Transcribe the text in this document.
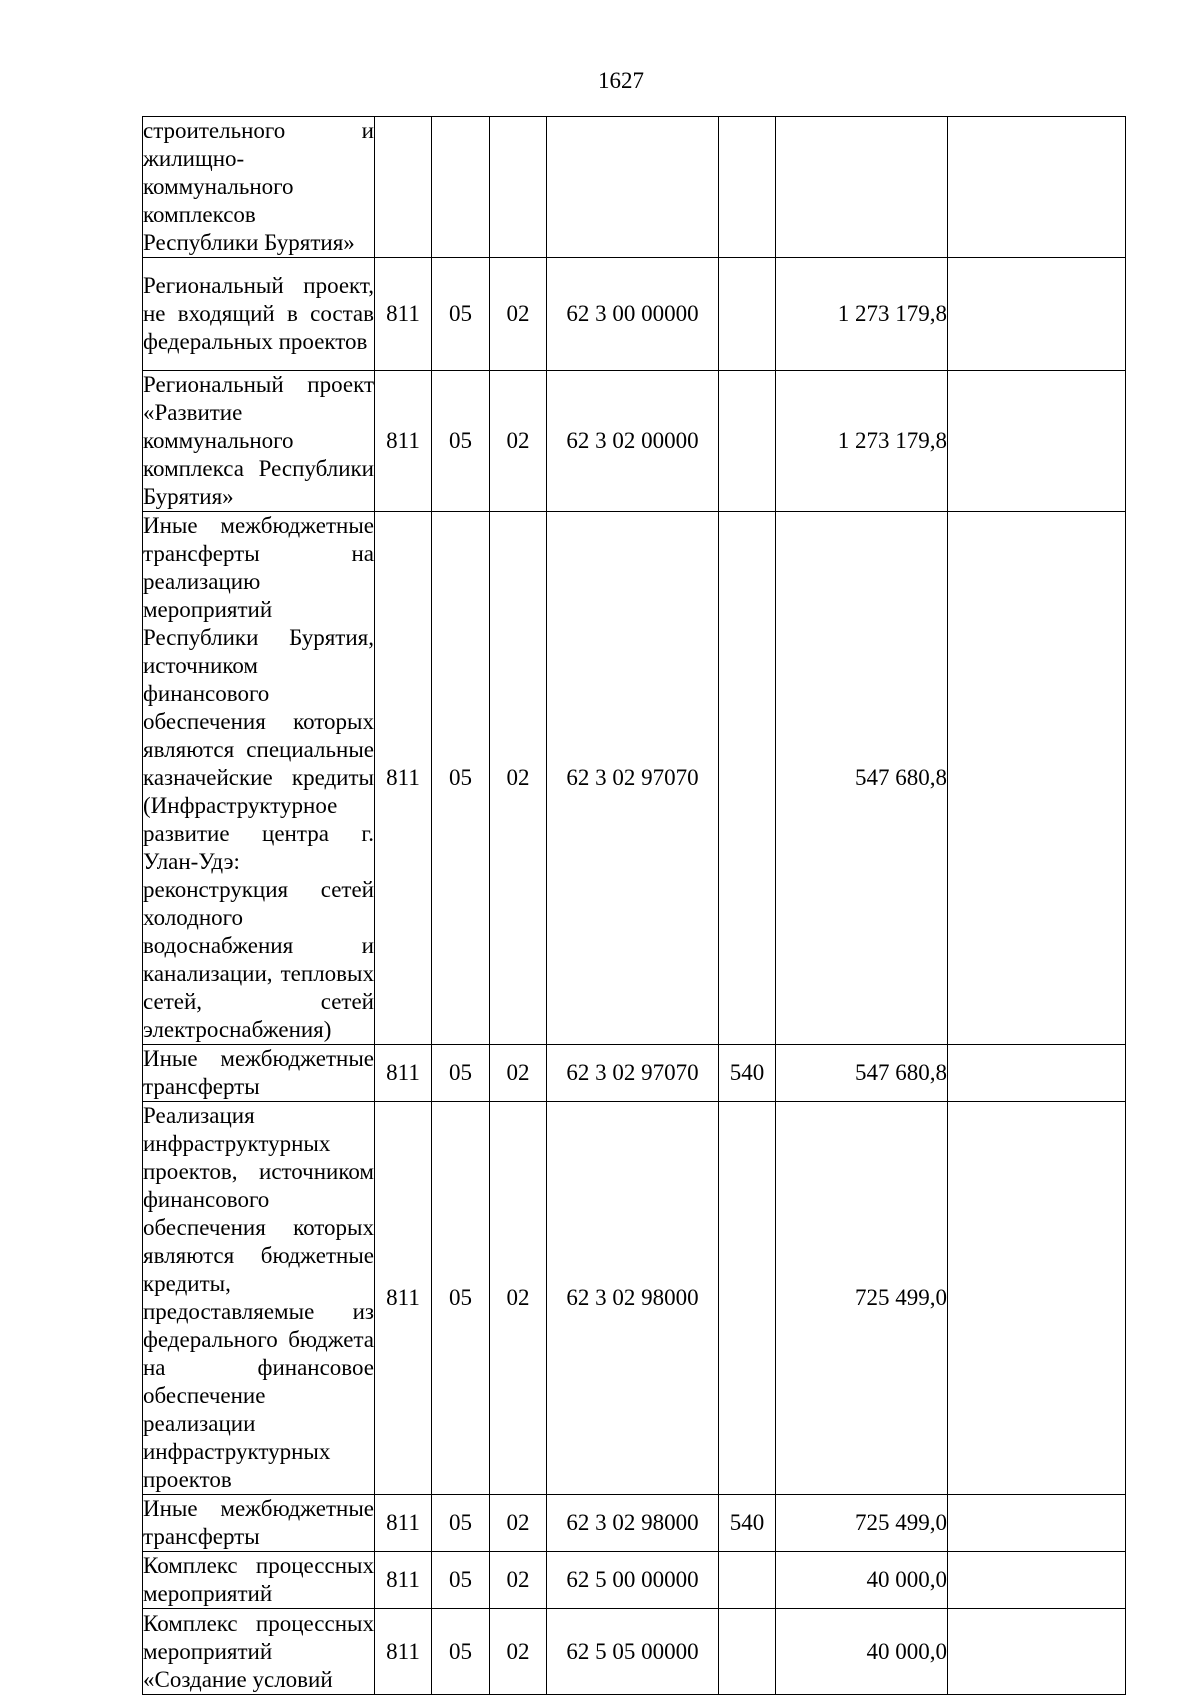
1627
строительного и жилищно-коммунального комплексов Республики Бурятия»							
Региональный проект, не входящий в состав федеральных проектов	811	05	02	62 3 00 00000		1 273 179,8	
Региональный проект «Развитие коммунального комплекса Республики Бурятия»	811	05	02	62 3 02 00000		1 273 179,8	
Иные межбюджетные трансферты на реализацию мероприятий Республики Бурятия, источником финансового обеспечения которых являются специальные казначейские кредиты (Инфраструктурное развитие центра г. Улан-Удэ: реконструкция сетей холодного водоснабжения и канализации, тепловых сетей, сетей электроснабжения)	811	05	02	62 3 02 97070		547 680,8	
Иные межбюджетные трансферты	811	05	02	62 3 02 97070	540	547 680,8	
Реализация инфраструктурных проектов, источником финансового обеспечения которых являются бюджетные кредиты, предоставляемые из федерального бюджета на финансовое обеспечение реализации инфраструктурных проектов	811	05	02	62 3 02 98000		725 499,0	
Иные межбюджетные трансферты	811	05	02	62 3 02 98000	540	725 499,0	
Комплекс процессных мероприятий	811	05	02	62 5 00 00000		40 000,0	
Комплекс процессных мероприятий «Создание условий	811	05	02	62 5 05 00000		40 000,0	
